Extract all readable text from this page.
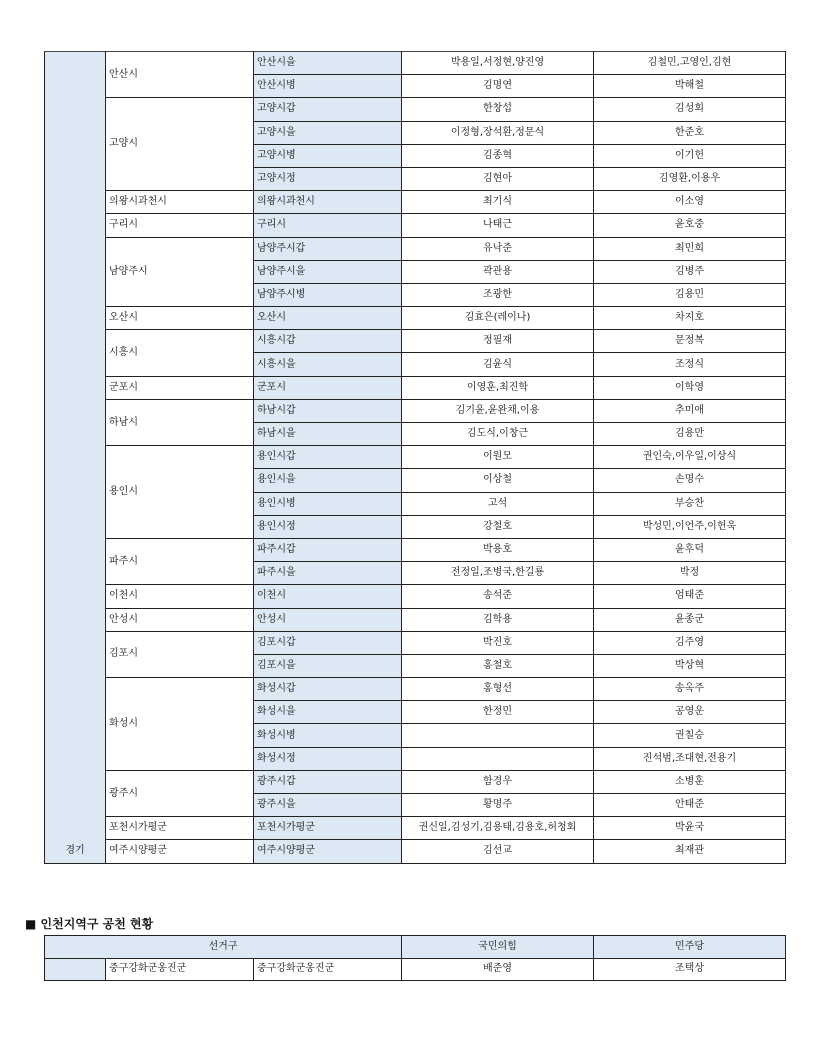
경기	안산시	안산시을	박용일,서정현,양진영	김철민,고영인,김현
		안산시병	김명연	박해철
	고양시	고양시갑	한창섭	김성회
		고양시을	이정형,장석환,정문식	한준호
		고양시병	김종혁	이기헌
		고양시정	김현아	김영환,이용우
	의왕시과천시	의왕시과천시	최기식	이소영
	구리시	구리시	나태근	윤호중
	남양주시	남양주시갑	유낙준	최민희
		남양주시을	곽관용	김병주
		남양주시병	조광한	김용민
	오산시	오산시	김효은(레이나)	차지호
	시흥시	시흥시갑	정필재	문정복
		시흥시을	김윤식	조정식
	군포시	군포시	이영훈,최진학	이학영
	하남시	하남시갑	김기윤,윤완채,이용	추미애
		하남시을	김도식,이창근	김용만
	용인시	용인시갑	이원모	권인숙,이우일,이상식
		용인시을	이상철	손명수
		용인시병	고석	부승찬
		용인시정	강철호	박성민,이언주,이헌욱
	파주시	파주시갑	박용호	윤후덕
		파주시을	전정일,조병국,한길룡	박정
	이천시	이천시	송석준	엄태준
	안성시	안성시	김학용	윤종군
	김포시	김포시갑	박진호	김주영
		김포시을	홍철호	박상혁
	화성시	화성시갑	홍형선	송옥주
		화성시을	한정민	공영운
		화성시병		권칠승
		화성시정		진석범,조대현,전용기
	광주시	광주시갑	함경우	소병훈
		광주시을	황명주	안태준
	포천시가평군	포천시가평군	권신일,김성기,김용태,김용호,허청회	박윤국
	여주시양평군	여주시양평군	김선교	최재관
■ 인천지역구 공천 현황
선거구			국민의힘	민주당
	중구강화군옹진군	중구강화군옹진군	배준영	조택상
